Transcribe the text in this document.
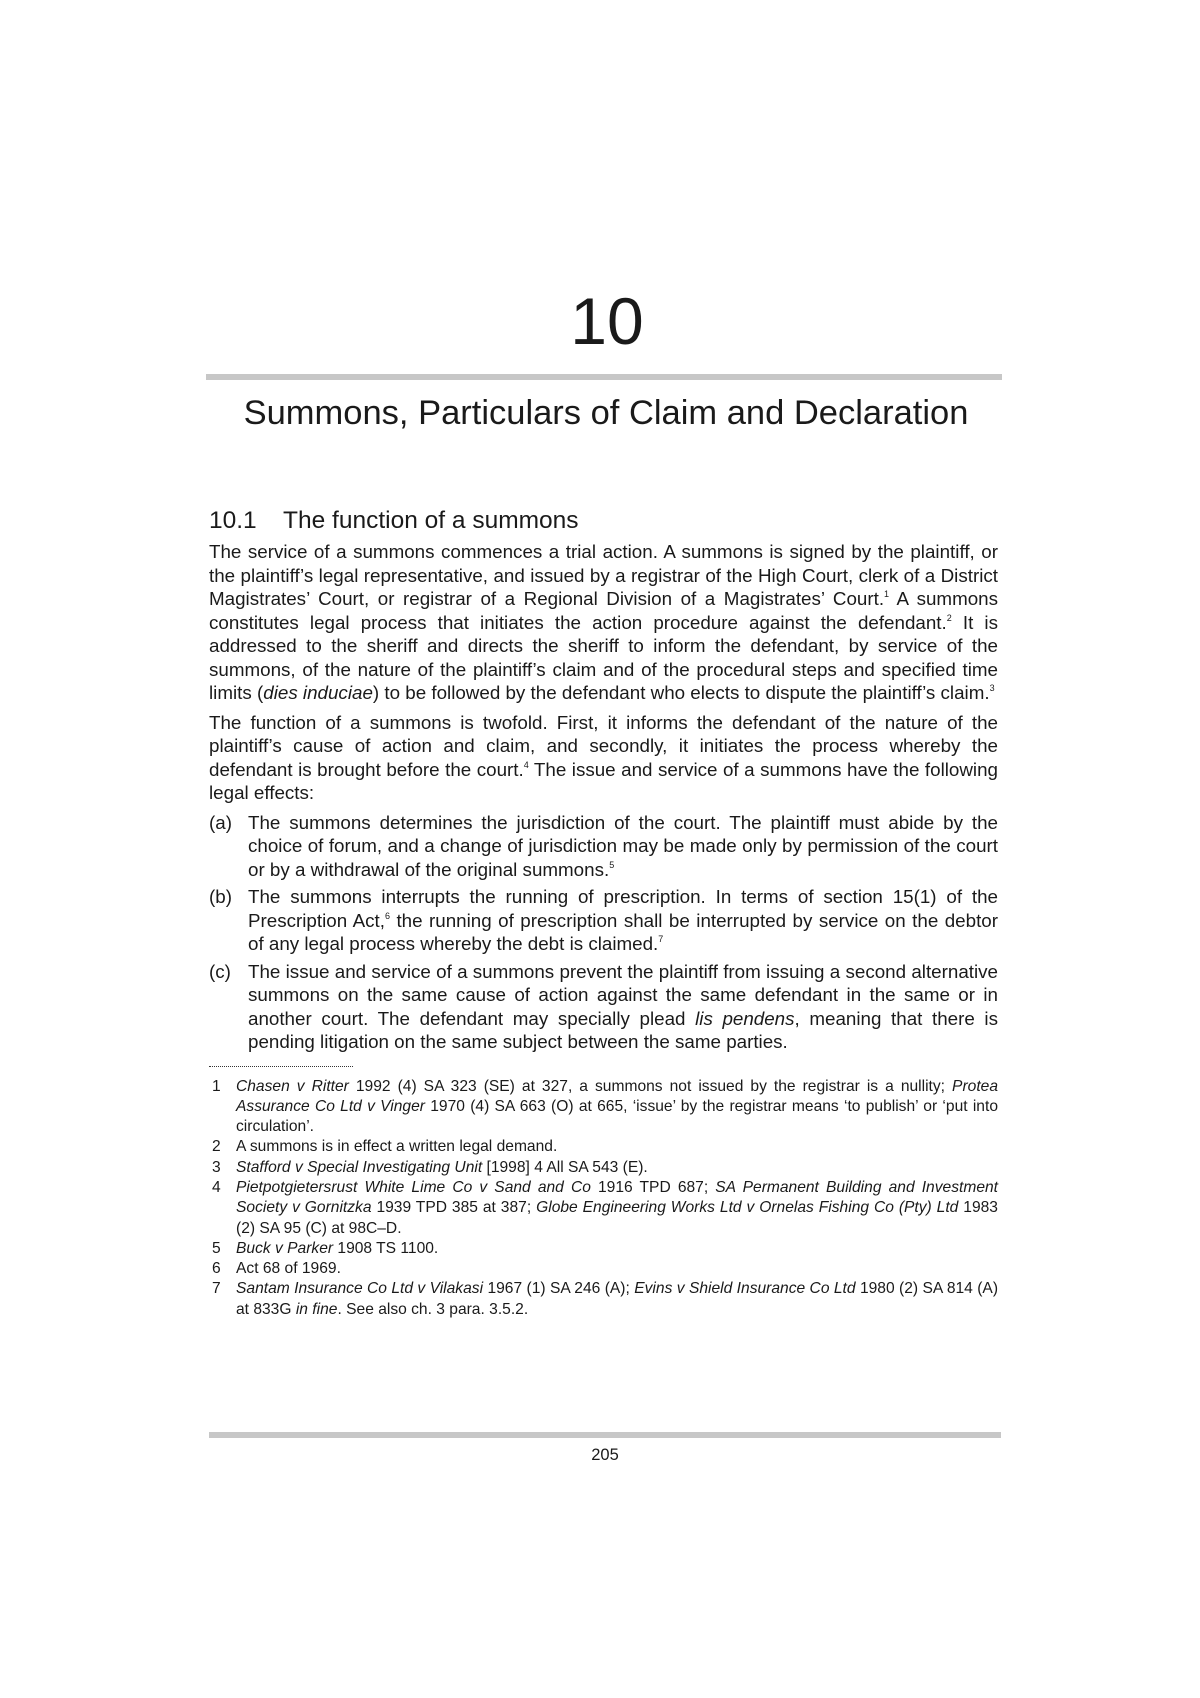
10
Summons, Particulars of Claim and Declaration
10.1 The function of a summons

The service of a summons commences a trial action. A summons is signed by the plaintiff, or the plaintiff’s legal representative, and issued by a registrar of the High Court, clerk of a District Magistrates’ Court, or registrar of a Regional Division of a Magistrates’ Court.$^1$ A summons constitutes legal process that initiates the action procedure against the defendant.$^2$ It is addressed to the sheriff and directs the sheriff to inform the defendant, by service of the summons, of the nature of the plaintiff’s claim and of the procedural steps and specified time limits (dies induciae) to be followed by the defendant who elects to dispute the plaintiff’s claim.$^3$

The function of a summons is twofold. First, it informs the defendant of the nature of the plaintiff’s cause of action and claim, and secondly, it initiates the process whereby the defendant is brought before the court.$^4$ The issue and service of a summons have the following legal effects:

(a) The summons determines the jurisdiction of the court. The plaintiff must abide by the choice of forum, and a change of jurisdiction may be made only by permission of the court or by a withdrawal of the original summons.$^5$
(b) The summons interrupts the running of prescription. In terms of section 15(1) of the Prescription Act,$^6$ the running of prescription shall be interrupted by service on the debtor of any legal process whereby the debt is claimed.$^7$
(c) The issue and service of a summons prevent the plaintiff from issuing a second alternative summons on the same cause of action against the same defendant in the same or in another court. The defendant may specially plead lis pendens, meaning that there is pending litigation on the same subject between the same parties.
1 Chasen v Ritter 1992 (4) SA 323 (SE) at 327, a summons not issued by the registrar is a nullity; Protea Assurance Co Ltd v Vinger 1970 (4) SA 663 (O) at 665, ‘issue’ by the registrar means ‘to publish’ or ‘put into circulation’.
2 A summons is in effect a written legal demand.
3 Stafford v Special Investigating Unit [1998] 4 All SA 543 (E).
4 Pietpotgietersrust White Lime Co v Sand and Co 1916 TPD 687; SA Permanent Building and Investment Society v Gornitzka 1939 TPD 385 at 387; Globe Engineering Works Ltd v Ornelas Fishing Co (Pty) Ltd 1983 (2) SA 95 (C) at 98C–D.
5 Buck v Parker 1908 TS 1100.
6 Act 68 of 1969.
7 Santam Insurance Co Ltd v Vilakasi 1967 (1) SA 246 (A); Evins v Shield Insurance Co Ltd 1980 (2) SA 814 (A) at 833G in fine. See also ch. 3 para. 3.5.2.
205
